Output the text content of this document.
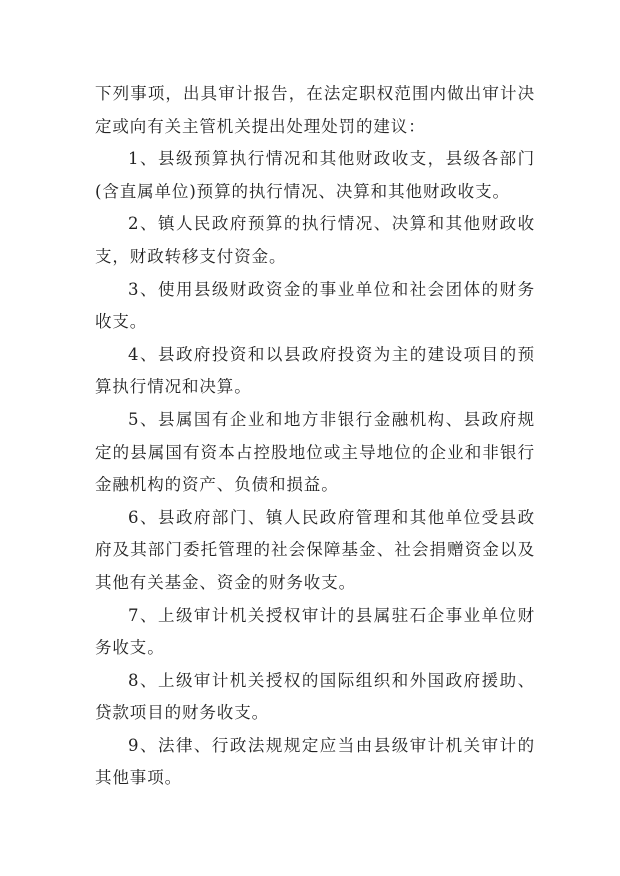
下列事项，出具审计报告，在法定职权范围内做出审计决定或向有关主管机关提出处理处罚的建议：

1、县级预算执行情况和其他财政收支，县级各部门(含直属单位)预算的执行情况、决算和其他财政收支。

2、镇人民政府预算的执行情况、决算和其他财政收支，财政转移支付资金。

3、使用县级财政资金的事业单位和社会团体的财务收支。

4、县政府投资和以县政府投资为主的建设项目的预算执行情况和决算。

5、县属国有企业和地方非银行金融机构、县政府规定的县属国有资本占控股地位或主导地位的企业和非银行金融机构的资产、负债和损益。

6、县政府部门、镇人民政府管理和其他单位受县政府及其部门委托管理的社会保障基金、社会捐赠资金以及其他有关基金、资金的财务收支。

7、上级审计机关授权审计的县属驻石企事业单位财务收支。

8、上级审计机关授权的国际组织和外国政府援助、贷款项目的财务收支。

9、法律、行政法规规定应当由县级审计机关审计的其他事项。
